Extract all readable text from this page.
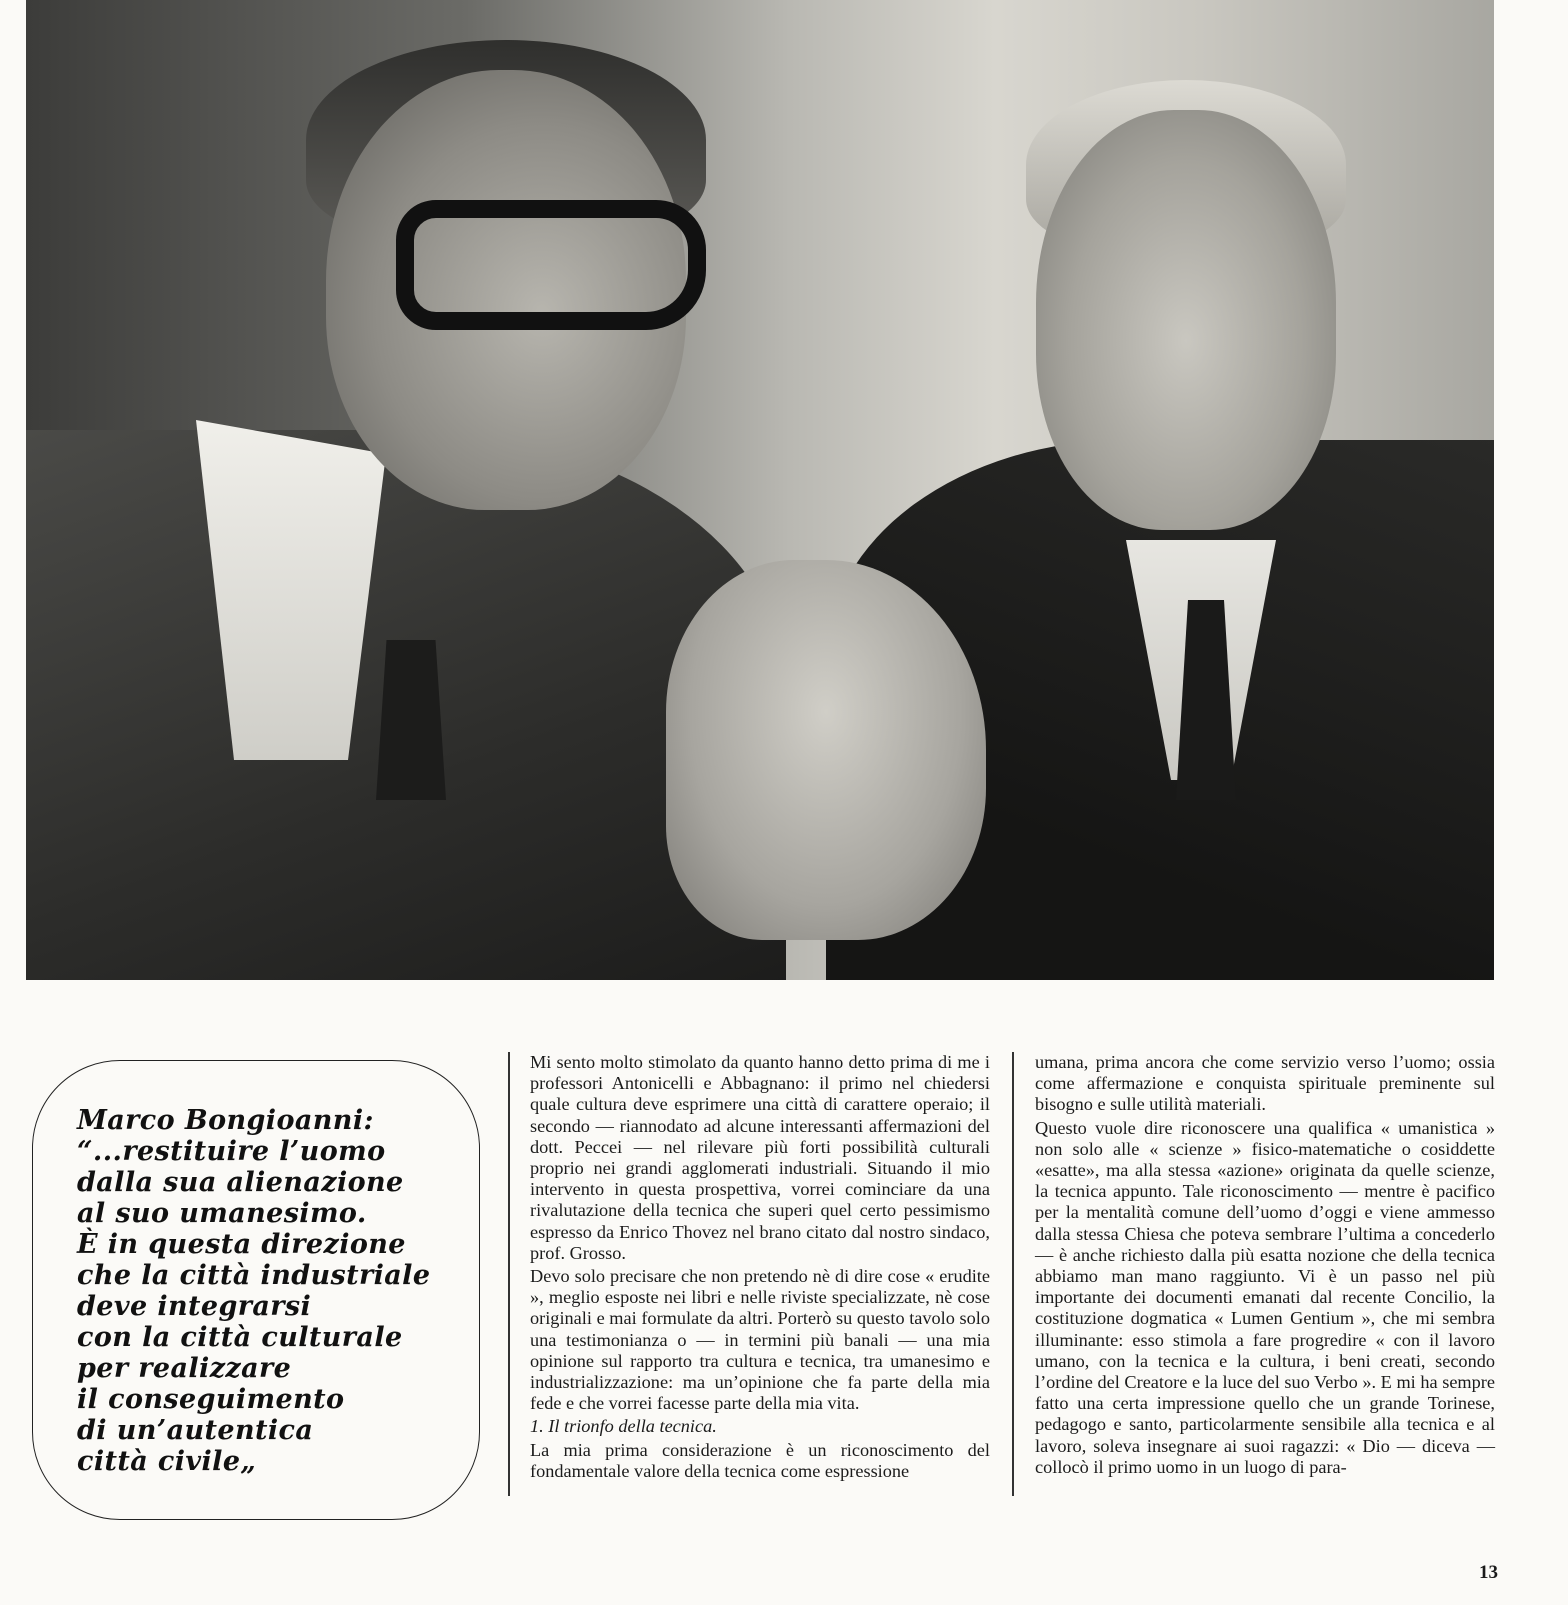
Marco Bongioanni:
“...restituire l’uomo
dalla sua alienazione
al suo umanesimo.
È in questa direzione
che la città industriale
deve integrarsi
con la città culturale
per realizzare
il conseguimento
di un’autentica
città civile„

Mi sento molto stimolato da quanto hanno detto prima di me i professori Antonicelli e Abbagnano: il primo nel chiedersi quale cultura deve esprimere una città di carattere operaio; il secondo — riannodato ad alcune interessanti affermazioni del dott. Peccei — nel rilevare più forti possibilità culturali proprio nei grandi agglomerati industriali. Situando il mio intervento in questa prospettiva, vorrei cominciare da una rivalutazione della tecnica che superi quel certo pessimismo espresso da Enrico Thovez nel brano citato dal nostro sindaco, prof. Grosso.

Devo solo precisare che non pretendo nè di dire cose « erudite », meglio esposte nei libri e nelle riviste specializzate, nè cose originali e mai formulate da altri. Porterò su questo tavolo solo una testimonianza o — in termini più banali — una mia opinione sul rapporto tra cultura e tecnica, tra umanesimo e industrializzazione: ma un’opinione che fa parte della mia fede e che vorrei facesse parte della mia vita.

1. Il trionfo della tecnica.

La mia prima considerazione è un riconoscimento del fondamentale valore della tecnica come espressione

umana, prima ancora che come servizio verso l’uomo; ossia come affermazione e conquista spirituale preminente sul bisogno e sulle utilità materiali.

Questo vuole dire riconoscere una qualifica « umanistica » non solo alle « scienze » fisico-matematiche o cosiddette «esatte», ma alla stessa «azione» originata da quelle scienze, la tecnica appunto. Tale riconoscimento — mentre è pacifico per la mentalità comune dell’uomo d’oggi e viene ammesso dalla stessa Chiesa che poteva sembrare l’ultima a concederlo — è anche richiesto dalla più esatta nozione che della tecnica abbiamo man mano raggiunto. Vi è un passo nel più importante dei documenti emanati dal recente Concilio, la costituzione dogmatica « Lumen Gentium », che mi sembra illuminante: esso stimola a fare progredire « con il lavoro umano, con la tecnica e la cultura, i beni creati, secondo l’ordine del Creatore e la luce del suo Verbo ». E mi ha sempre fatto una certa impressione quello che un grande Torinese, pedagogo e santo, particolarmente sensibile alla tecnica e al lavoro, soleva insegnare ai suoi ragazzi: « Dio — diceva — collocò il primo uomo in un luogo di para-

13
